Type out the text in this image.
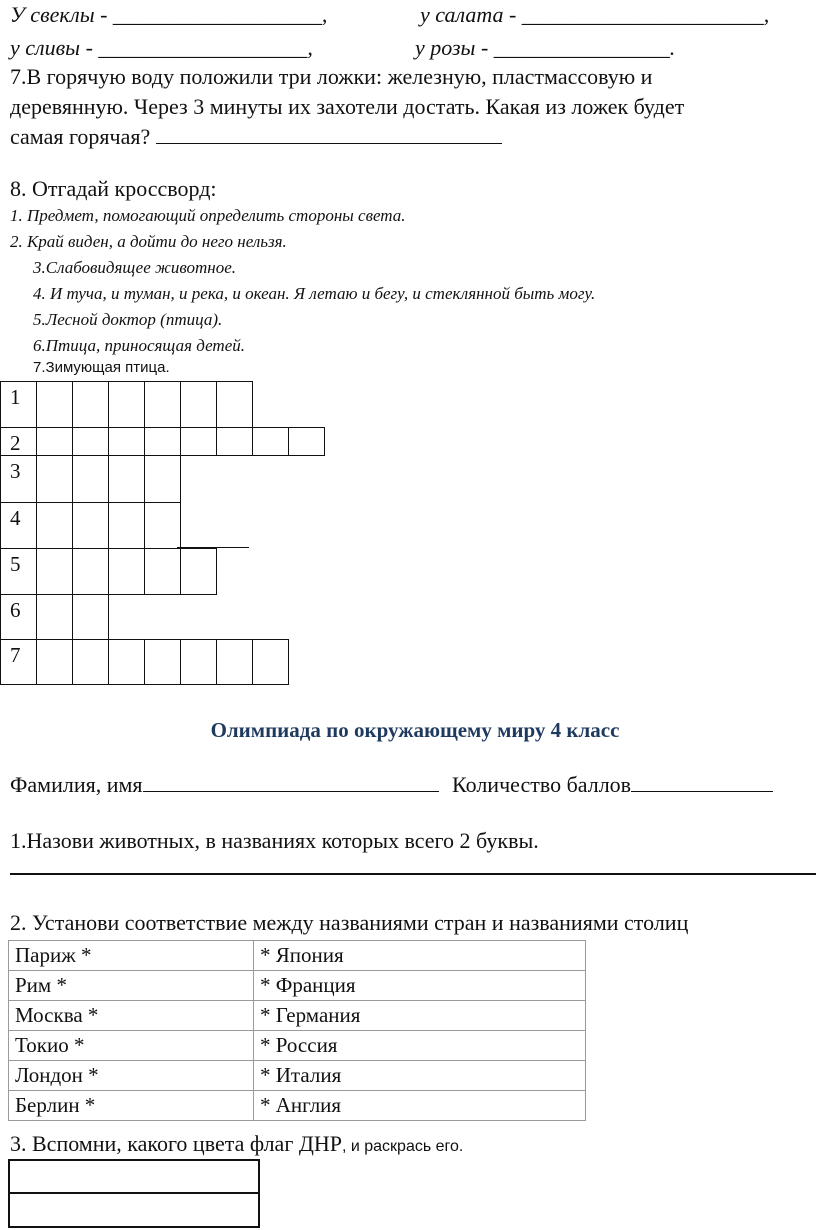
У свеклы - ___________________,	у салата - ______________________,
у сливы - ___________________,	у розы - ________________.
7.В горячую воду положили три ложки: железную, пластмассовую и
деревянную. Через 3 минуты их захотели достать. Какая из ложек будет
самая горячая?
8. Отгадай кроссворд:
1. Предмет, помогающий определить стороны света.
2. Край виден, а дойти до него нельзя.
3.Слабовидящее животное.
4. И туча, и туман, и река, и океан. Я летаю и бегу, и стеклянной быть могу.
5.Лесной доктор (птица).
6.Птица, приносящая детей.
7.Зимующая птица.
1
2
3
4
5
6
7
Олимпиада по окружающему миру 4 класс
Фамилия, имя	Количество баллов
1.Назови животных, в названиях которых всего 2 буквы.
2. Установи соответствие между названиями стран и названиями столиц
Париж *	* Япония
Рим *	* Франция
Москва *	* Германия
Токио *	* Россия
Лондон *	* Италия
Берлин *	* Англия
3. Вспомни, какого цвета флаг ДНР, и раскрась его.
